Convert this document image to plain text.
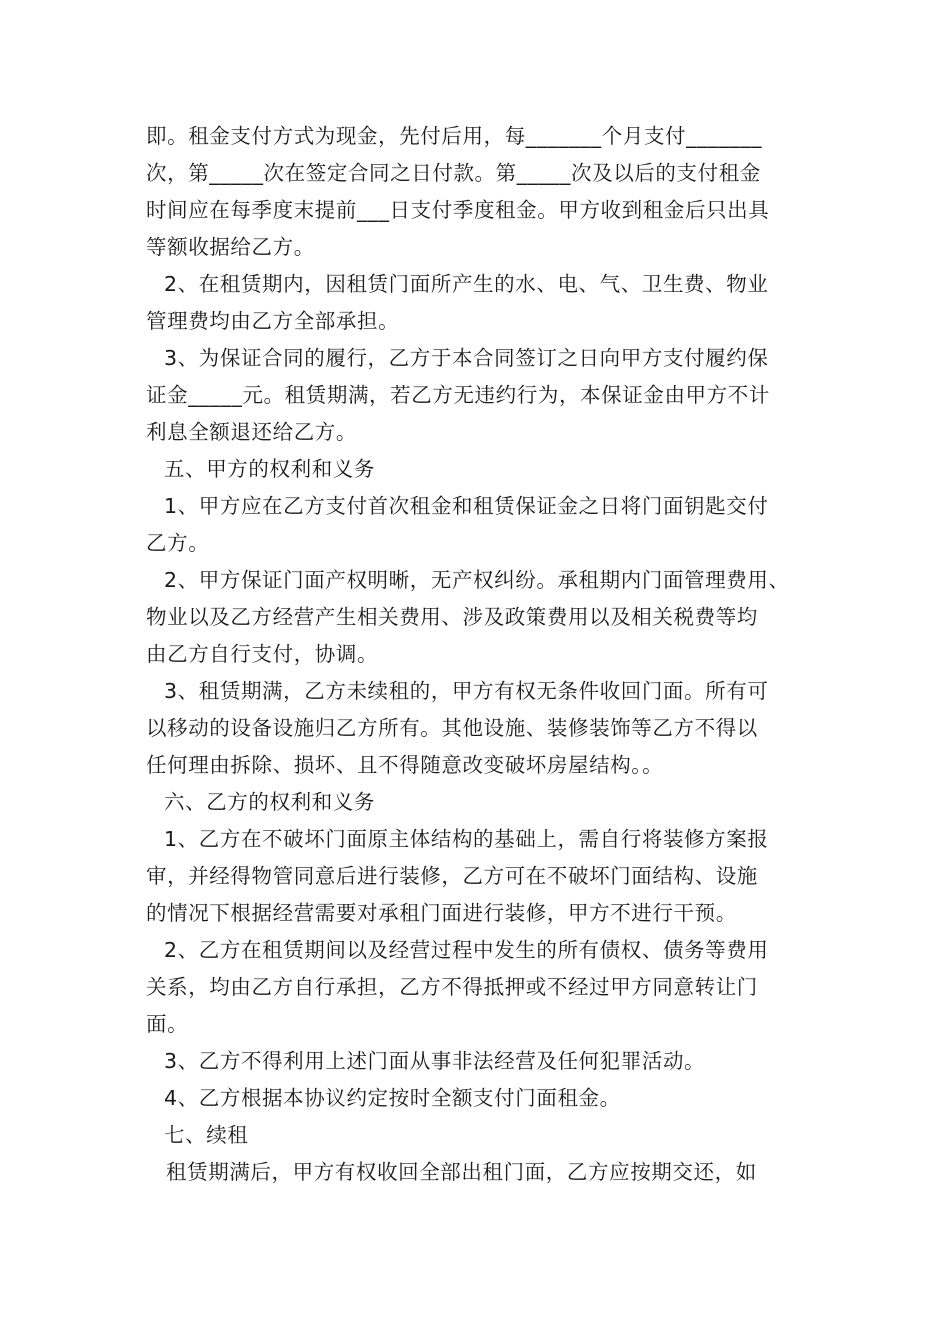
即。租金支付方式为现金，先付后用，每_______个月支付_______
次，第_____次在签定合同之日付款。第_____次及以后的支付租金
时间应在每季度末提前___日支付季度租金。甲方收到租金后只出具
等额收据给乙方。
2、在租赁期内，因租赁门面所产生的水、电、气、卫生费、物业
管理费均由乙方全部承担。
3、为保证合同的履行，乙方于本合同签订之日向甲方支付履约保
证金_____元。租赁期满，若乙方无违约行为，本保证金由甲方不计
利息全额退还给乙方。
五、甲方的权利和义务
1、甲方应在乙方支付首次租金和租赁保证金之日将门面钥匙交付
乙方。
2、甲方保证门面产权明晰，无产权纠纷。承租期内门面管理费用、
物业以及乙方经营产生相关费用、涉及政策费用以及相关税费等均
由乙方自行支付，协调。
3、租赁期满，乙方未续租的，甲方有权无条件收回门面。所有可
以移动的设备设施归乙方所有。其他设施、装修装饰等乙方不得以
任何理由拆除、损坏、且不得随意改变破坏房屋结构。。
六、乙方的权利和义务
1、乙方在不破坏门面原主体结构的基础上，需自行将装修方案报
审，并经得物管同意后进行装修，乙方可在不破坏门面结构、设施
的情况下根据经营需要对承租门面进行装修，甲方不进行干预。
2、乙方在租赁期间以及经营过程中发生的所有债权、债务等费用
关系，均由乙方自行承担，乙方不得抵押或不经过甲方同意转让门
面。
3、乙方不得利用上述门面从事非法经营及任何犯罪活动。
4、乙方根据本协议约定按时全额支付门面租金。
七、续租
租赁期满后，甲方有权收回全部出租门面，乙方应按期交还，如
